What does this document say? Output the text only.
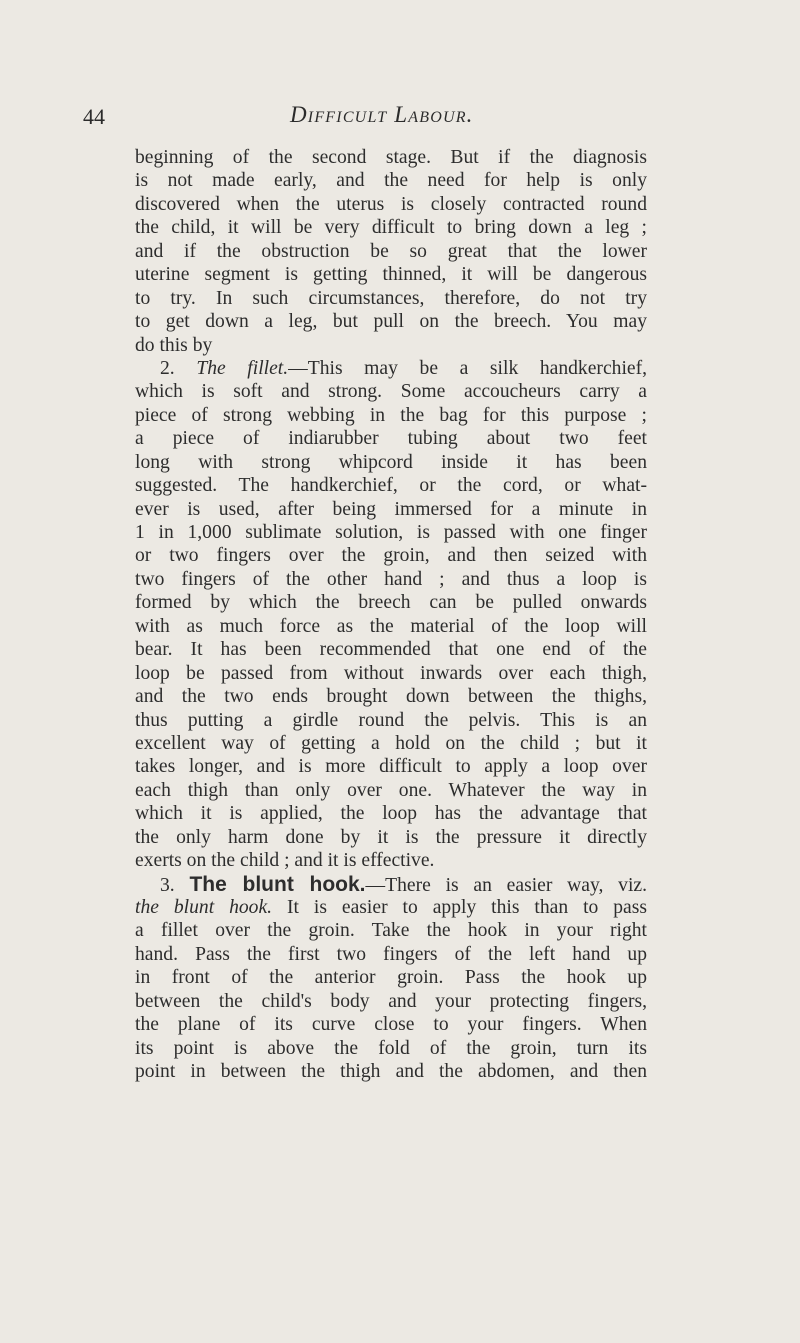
44	Difficult Labour.
beginning of the second stage. But if the diagnosis
is not made early, and the need for help is only
discovered when the uterus is closely contracted round
the child, it will be very difficult to bring down a leg ;
and if the obstruction be so great that the lower
uterine segment is getting thinned, it will be dangerous
to try. In such circumstances, therefore, do not try
to get down a leg, but pull on the breech. You may
do this by
2. The fillet.—This may be a silk handkerchief,
which is soft and strong. Some accoucheurs carry a
piece of strong webbing in the bag for this purpose ;
a piece of indiarubber tubing about two feet
long with strong whipcord inside it has been
suggested. The handkerchief, or the cord, or what-
ever is used, after being immersed for a minute in
1 in 1,000 sublimate solution, is passed with one finger
or two fingers over the groin, and then seized with
two fingers of the other hand ; and thus a loop is
formed by which the breech can be pulled onwards
with as much force as the material of the loop will
bear. It has been recommended that one end of the
loop be passed from without inwards over each thigh,
and the two ends brought down between the thighs,
thus putting a girdle round the pelvis. This is an
excellent way of getting a hold on the child ; but it
takes longer, and is more difficult to apply a loop over
each thigh than only over one. Whatever the way in
which it is applied, the loop has the advantage that
the only harm done by it is the pressure it directly
exerts on the child ; and it is effective.
3. The blunt hook.—There is an easier way, viz.
the blunt hook. It is easier to apply this than to pass
a fillet over the groin. Take the hook in your right
hand. Pass the first two fingers of the left hand up
in front of the anterior groin. Pass the hook up
between the child's body and your protecting fingers,
the plane of its curve close to your fingers. When
its point is above the fold of the groin, turn its
point in between the thigh and the abdomen, and then
